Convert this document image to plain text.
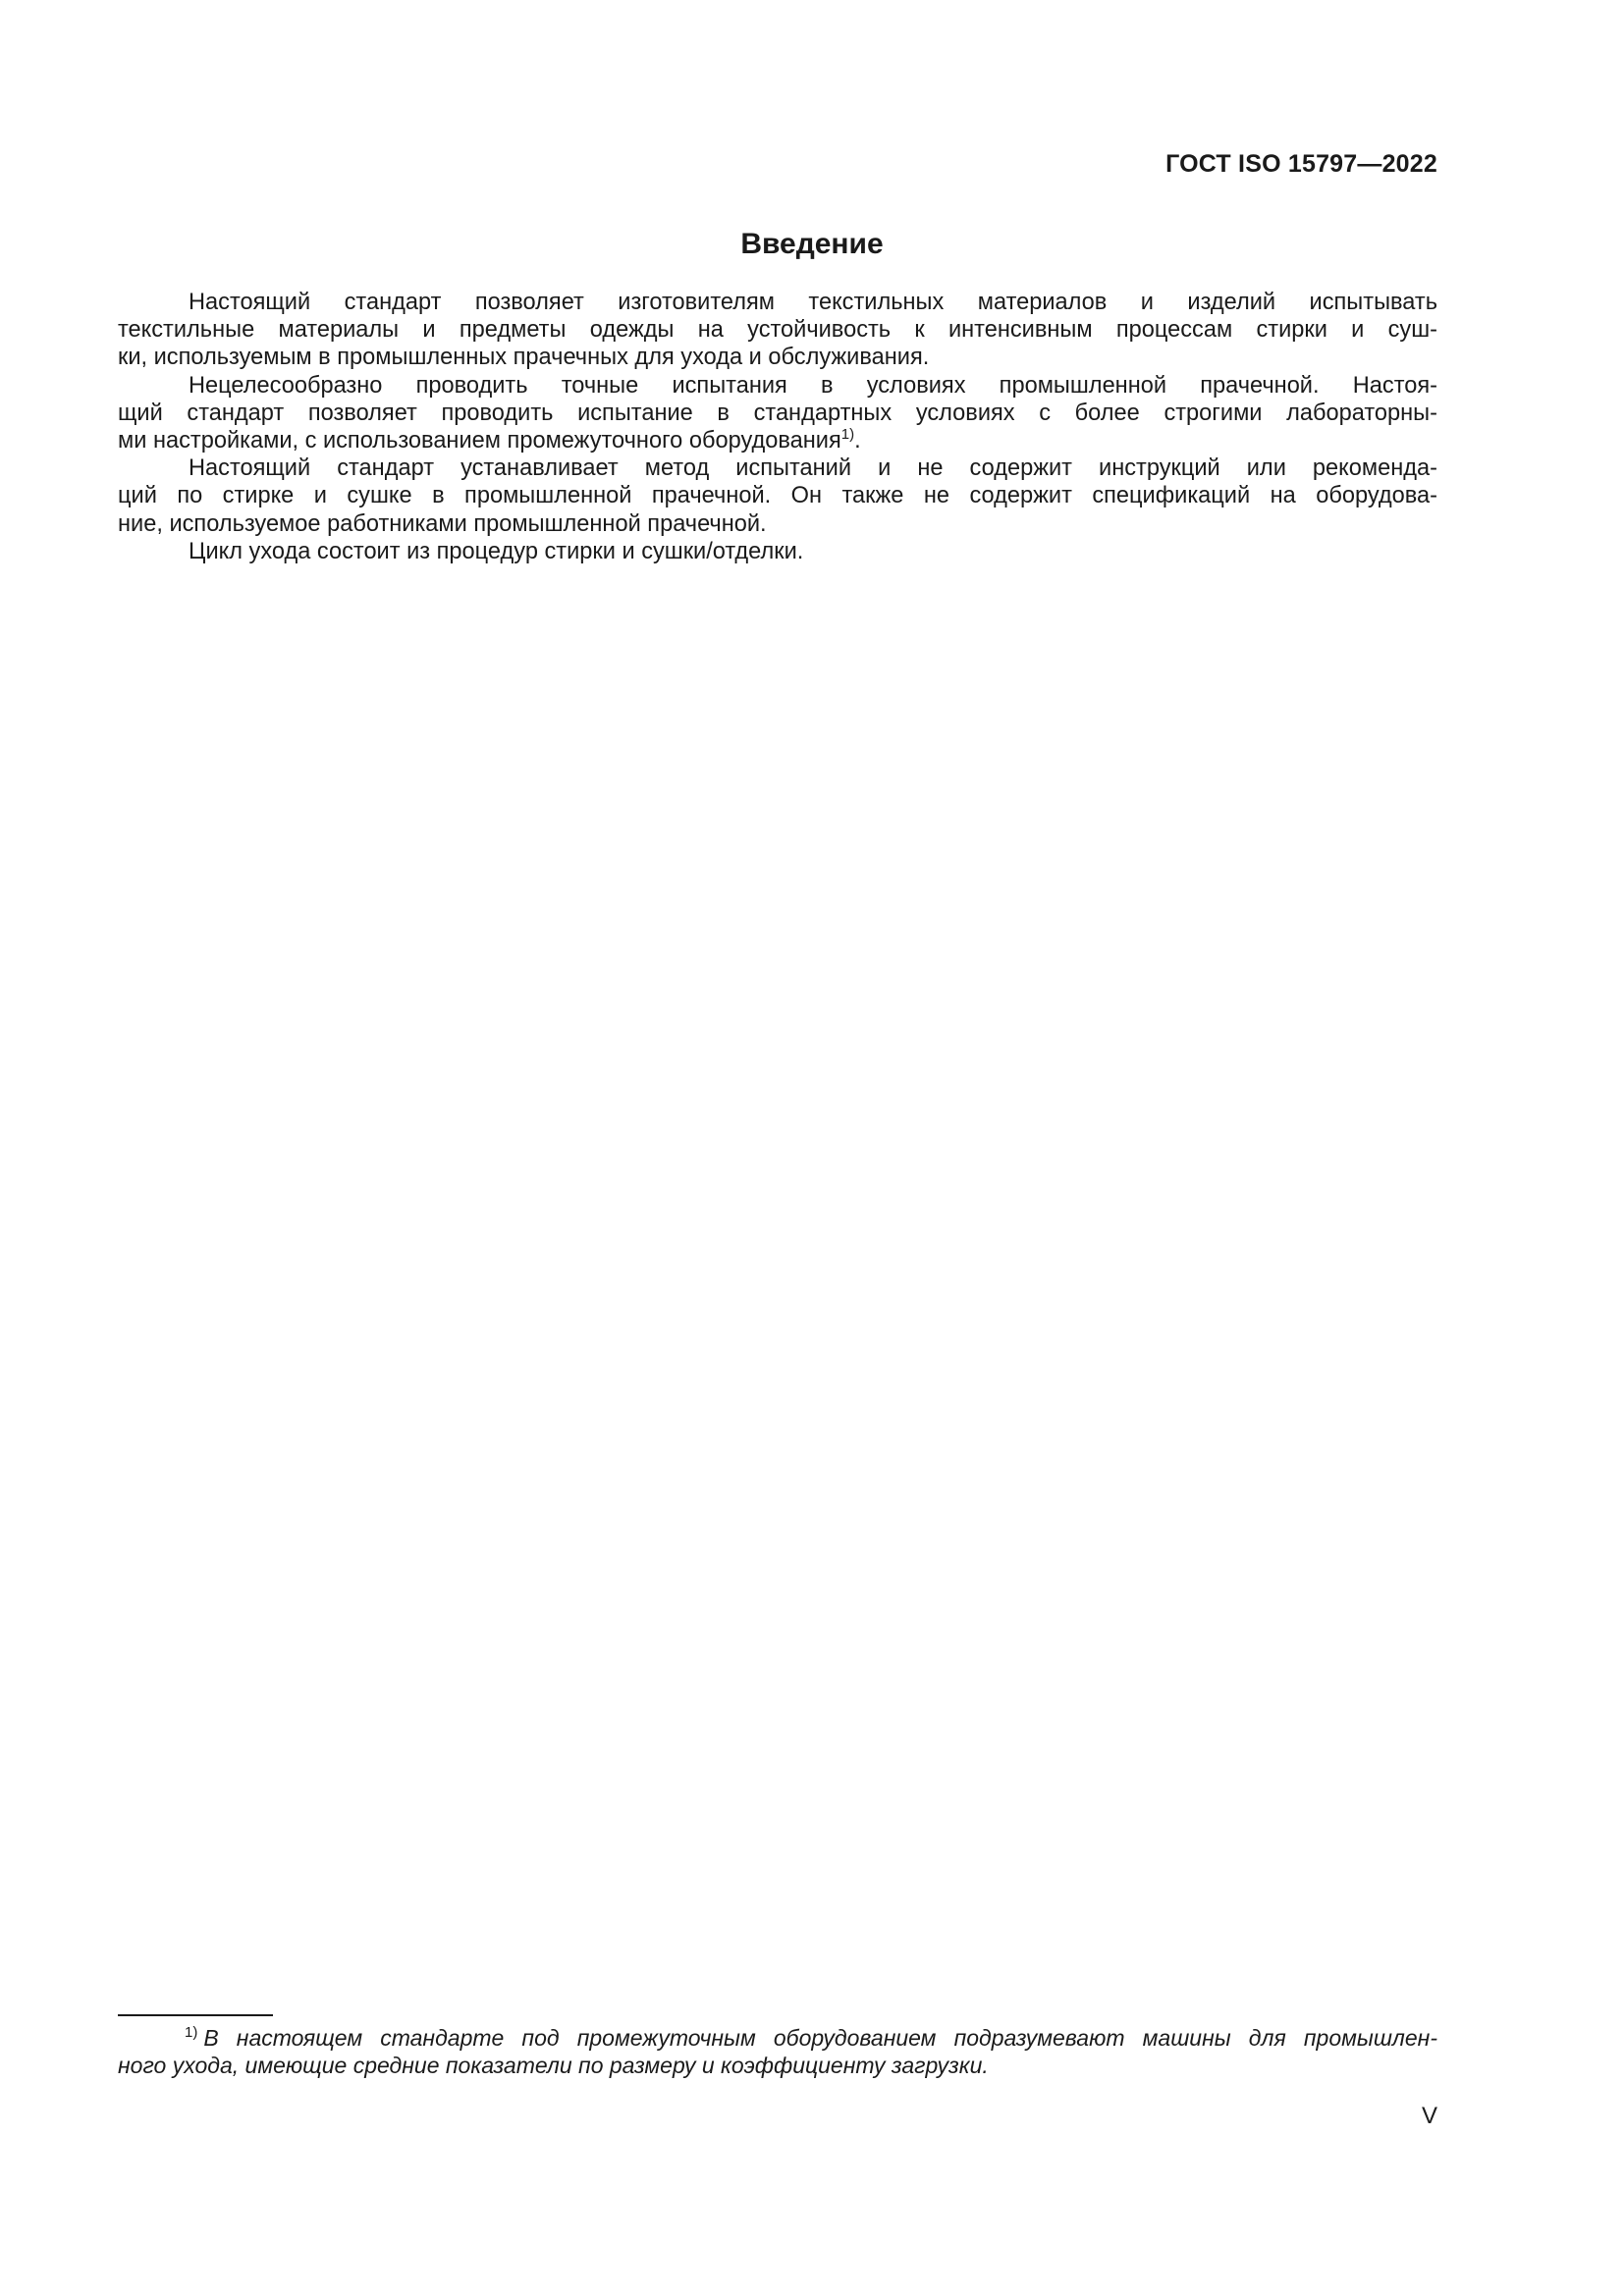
ГОСТ ISO 15797—2022
Введение
Настоящий стандарт позволяет изготовителям текстильных материалов и изделий испытывать
текстильные материалы и предметы одежды на устойчивость к интенсивным процессам стирки и суш-
ки, используемым в промышленных прачечных для ухода и обслуживания.
Нецелесообразно проводить точные испытания в условиях промышленной прачечной. Настоя-
щий стандарт позволяет проводить испытание в стандартных условиях с более строгими лабораторны-
ми настройками, с использованием промежуточного оборудования$^{1)}$.
Настоящий стандарт устанавливает метод испытаний и не содержит инструкций или рекоменда-
ций по стирке и сушке в промышленной прачечной. Он также не содержит спецификаций на оборудова-
ние, используемое работниками промышленной прачечной.
Цикл ухода состоит из процедур стирки и сушки/отделки.
$^{1)}$ В настоящем стандарте под промежуточным оборудованием подразумевают машины для промышлен-
ного ухода, имеющие средние показатели по размеру и коэффициенту загрузки.
V
